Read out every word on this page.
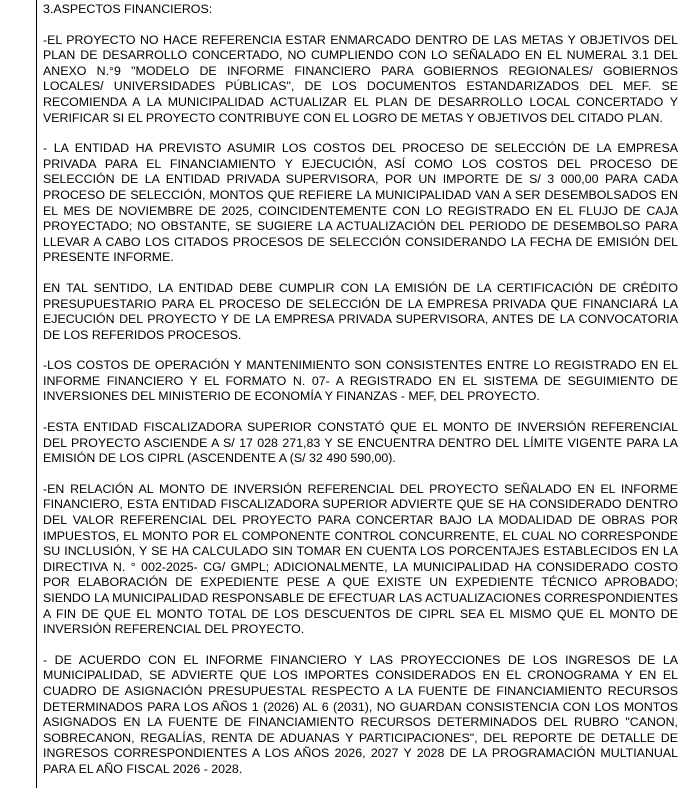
3.ASPECTOS FINANCIEROS:
-EL PROYECTO NO HACE REFERENCIA ESTAR ENMARCADO DENTRO DE LAS METAS Y OBJETIVOS DEL PLAN DE DESARROLLO CONCERTADO, NO CUMPLIENDO CON LO SEÑALADO EN EL NUMERAL 3.1 DEL ANEXO N.°9 "MODELO DE INFORME FINANCIERO PARA GOBIERNOS REGIONALES/ GOBIERNOS LOCALES/ UNIVERSIDADES PÚBLICAS", DE LOS DOCUMENTOS ESTANDARIZADOS DEL MEF. SE RECOMIENDA A LA MUNICIPALIDAD ACTUALIZAR EL PLAN DE DESARROLLO LOCAL CONCERTADO Y VERIFICAR SI EL PROYECTO CONTRIBUYE CON EL LOGRO DE METAS Y OBJETIVOS DEL CITADO PLAN.
- LA ENTIDAD HA PREVISTO ASUMIR LOS COSTOS DEL PROCESO DE SELECCIÓN DE LA EMPRESA PRIVADA PARA EL FINANCIAMIENTO Y EJECUCIÓN, ASÍ COMO LOS COSTOS DEL PROCESO DE SELECCIÓN DE LA ENTIDAD PRIVADA SUPERVISORA, POR UN IMPORTE DE S/ 3 000,00 PARA CADA PROCESO DE SELECCIÓN, MONTOS QUE REFIERE LA MUNICIPALIDAD VAN A SER DESEMBOLSADOS EN EL MES DE NOVIEMBRE DE 2025, COINCIDENTEMENTE CON LO REGISTRADO EN EL FLUJO DE CAJA PROYECTADO; NO OBSTANTE, SE SUGIERE LA ACTUALIZACIÓN DEL PERIODO DE DESEMBOLSO PARA LLEVAR A CABO LOS CITADOS PROCESOS DE SELECCIÓN CONSIDERANDO LA FECHA DE EMISIÓN DEL PRESENTE INFORME.
EN TAL SENTIDO, LA ENTIDAD DEBE CUMPLIR CON LA EMISIÓN DE LA CERTIFICACIÓN DE CRÉDITO PRESUPUESTARIO PARA EL PROCESO DE SELECCIÓN DE LA EMPRESA PRIVADA QUE FINANCIARÁ LA EJECUCIÓN DEL PROYECTO Y DE LA EMPRESA PRIVADA SUPERVISORA, ANTES DE LA CONVOCATORIA DE LOS REFERIDOS PROCESOS.
-LOS COSTOS DE OPERACIÓN Y MANTENIMIENTO SON CONSISTENTES ENTRE LO REGISTRADO EN EL INFORME FINANCIERO Y EL FORMATO N. 07- A REGISTRADO EN EL SISTEMA DE SEGUIMIENTO DE INVERSIONES DEL MINISTERIO DE ECONOMÍA Y FINANZAS - MEF, DEL PROYECTO.
-ESTA ENTIDAD FISCALIZADORA SUPERIOR CONSTATÓ QUE EL MONTO DE INVERSIÓN REFERENCIAL DEL PROYECTO ASCIENDE A S/ 17 028 271,83 Y SE ENCUENTRA DENTRO DEL LÍMITE VIGENTE PARA LA EMISIÓN DE LOS CIPRL (ASCENDENTE A (S/ 32 490 590,00).
-EN RELACIÓN AL MONTO DE INVERSIÓN REFERENCIAL DEL PROYECTO SEÑALADO EN EL INFORME FINANCIERO, ESTA ENTIDAD FISCALIZADORA SUPERIOR ADVIERTE QUE SE HA CONSIDERADO DENTRO DEL VALOR REFERENCIAL DEL PROYECTO PARA CONCERTAR BAJO LA MODALIDAD DE OBRAS POR IMPUESTOS, EL MONTO POR EL COMPONENTE CONTROL CONCURRENTE, EL CUAL NO CORRESPONDE SU INCLUSIÓN, Y SE HA CALCULADO SIN TOMAR EN CUENTA LOS PORCENTAJES ESTABLECIDOS EN LA DIRECTIVA N. ° 002-2025- CG/ GMPL; ADICIONALMENTE, LA MUNICIPALIDAD HA CONSIDERADO COSTO POR ELABORACIÓN DE EXPEDIENTE PESE A QUE EXISTE UN EXPEDIENTE TÉCNICO APROBADO; SIENDO LA MUNICIPALIDAD RESPONSABLE DE EFECTUAR LAS ACTUALIZACIONES CORRESPONDIENTES A FIN DE QUE EL MONTO TOTAL DE LOS DESCUENTOS DE CIPRL SEA EL MISMO QUE EL MONTO DE INVERSIÓN REFERENCIAL DEL PROYECTO.
- DE ACUERDO CON EL INFORME FINANCIERO Y LAS PROYECCIONES DE LOS INGRESOS DE LA MUNICIPALIDAD, SE ADVIERTE QUE LOS IMPORTES CONSIDERADOS EN EL CRONOGRAMA Y EN EL CUADRO DE ASIGNACIÓN PRESUPUESTAL RESPECTO A LA FUENTE DE FINANCIAMIENTO RECURSOS DETERMINADOS PARA LOS AÑOS 1 (2026) AL 6 (2031), NO GUARDAN CONSISTENCIA CON LOS MONTOS ASIGNADOS EN LA FUENTE DE FINANCIAMIENTO RECURSOS DETERMINADOS DEL RUBRO "CANON, SOBRECANON, REGALÍAS, RENTA DE ADUANAS Y PARTICIPACIONES", DEL REPORTE DE DETALLE DE INGRESOS CORRESPONDIENTES A LOS AÑOS 2026, 2027 Y 2028 DE LA PROGRAMACIÓN MULTIANUAL PARA EL AÑO FISCAL 2026 - 2028.
